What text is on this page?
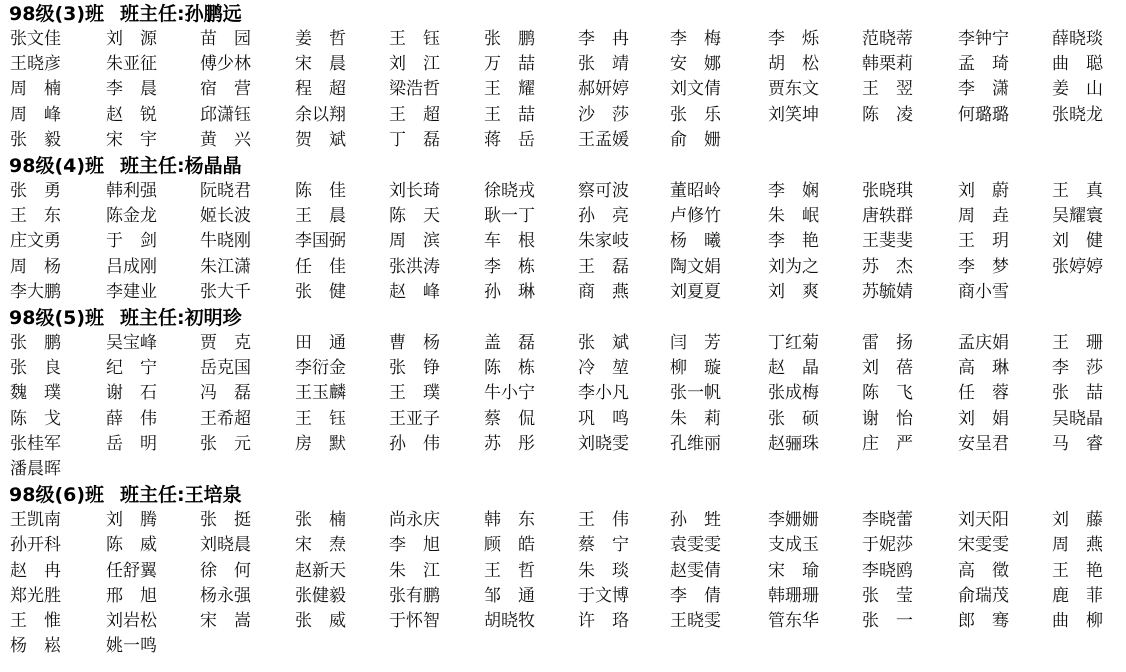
98级(3)班 班主任:孙鹏远
张文佳	刘　源	苗　园	姜　哲	王　钰	张　鹏	李　冉 李　梅	李　烁	范晓蒂	李钟宁	薛晓琰
王晓彦	朱亚征	傅少林	宋　晨	刘　江	万　喆	张　靖 安　娜	胡　松	韩栗莉	孟　琦	曲　聪
周　楠	李　晨	宿　营	程　超	梁浩哲	王　耀	郝妍婷 刘文倩	贾东文	王　翌	李　潇	姜　山
周　峰	赵　锐	邱潇钰	余以翔	王　超	王　喆	沙　莎 张　乐	刘笑坤	陈　凌	何璐璐	张晓龙
张　毅	宋　宇	黄　兴	贺　斌	丁　磊	蒋　岳	王孟媛 俞　姗
98级(4)班 班主任:杨晶晶
张　勇	韩利强	阮晓君	陈　佳	刘长琦	徐晓戎	察可波 董昭岭	李　娴	张晓琪	刘　蔚	王　真
王　东	陈金龙	姬长波	王　晨	陈　天	耿一丁	孙　亮 卢修竹	朱　岷	唐轶群	周　垚	吴耀寰
庄文勇	于　剑	牛晓刚	李国弼	周　滨	车　根	朱家岐 杨　曦	李　艳	王斐斐	王　玥	刘　健
周　杨	吕成刚	朱江潇	任　佳	张洪涛	李　栋	王　磊 陶文娟	刘为之	苏　杰	李　梦	张婷婷
李大鹏	李建业	张大千	张　健	赵　峰	孙　琳	商　燕 刘夏夏	刘　爽	苏毓婧	商小雪
98级(5)班 班主任:初明珍
张　鹏	吴宝峰	贾　克	田　通	曹　杨	盖　磊	张　斌 闫　芳	丁红菊	雷　扬	孟庆娟	王　珊
张　良	纪　宁	岳克国	李衍金	张　铮	陈　栋	冷　堃 柳　璇	赵　晶	刘　蓓	高　琳	李　莎
魏　璞	谢　石	冯　磊	王玉麟	王　璞	牛小宁	李小凡 张一帆	张成梅	陈　飞	任　蓉	张　喆
陈　戈	薛　伟	王希超	王　钰	王亚子	蔡　侃	巩　鸣 朱　莉	张　硕	谢　怡	刘　娟	吴晓晶
张桂军	岳　明	张　元	房　默	孙　伟	苏　彤	刘晓雯 孔维丽	赵骊珠	庄　严	安呈君	马　睿
潘晨晖
98级(6)班 班主任:王培泉
王凯南	刘　腾	张　挺	张　楠	尚永庆	韩　东	王　伟 孙　甡	李姗姗	李晓蕾	刘天阳	刘　藤
孙开科	陈　威	刘晓晨	宋　焘	李　旭	顾　皓	蔡　宁 袁雯雯	支成玉	于妮莎	宋雯雯	周　燕
赵　冉	任舒翼	徐　何	赵新天	朱　江	王　哲	朱　琰 赵雯倩	宋　瑜	李晓鸥	高　徵	王　艳
郑光胜	邢　旭	杨永强	张健毅	张有鹏	邹　通	于文博 李　倩	韩珊珊	张　莹	俞瑞茂	鹿　菲
王　惟	刘岩松	宋　嵩	张　威	于怀智	胡晓牧	许　珞 王晓雯	管东华	张　一	郎　骞	曲　柳
杨　崧	姚一鸣
